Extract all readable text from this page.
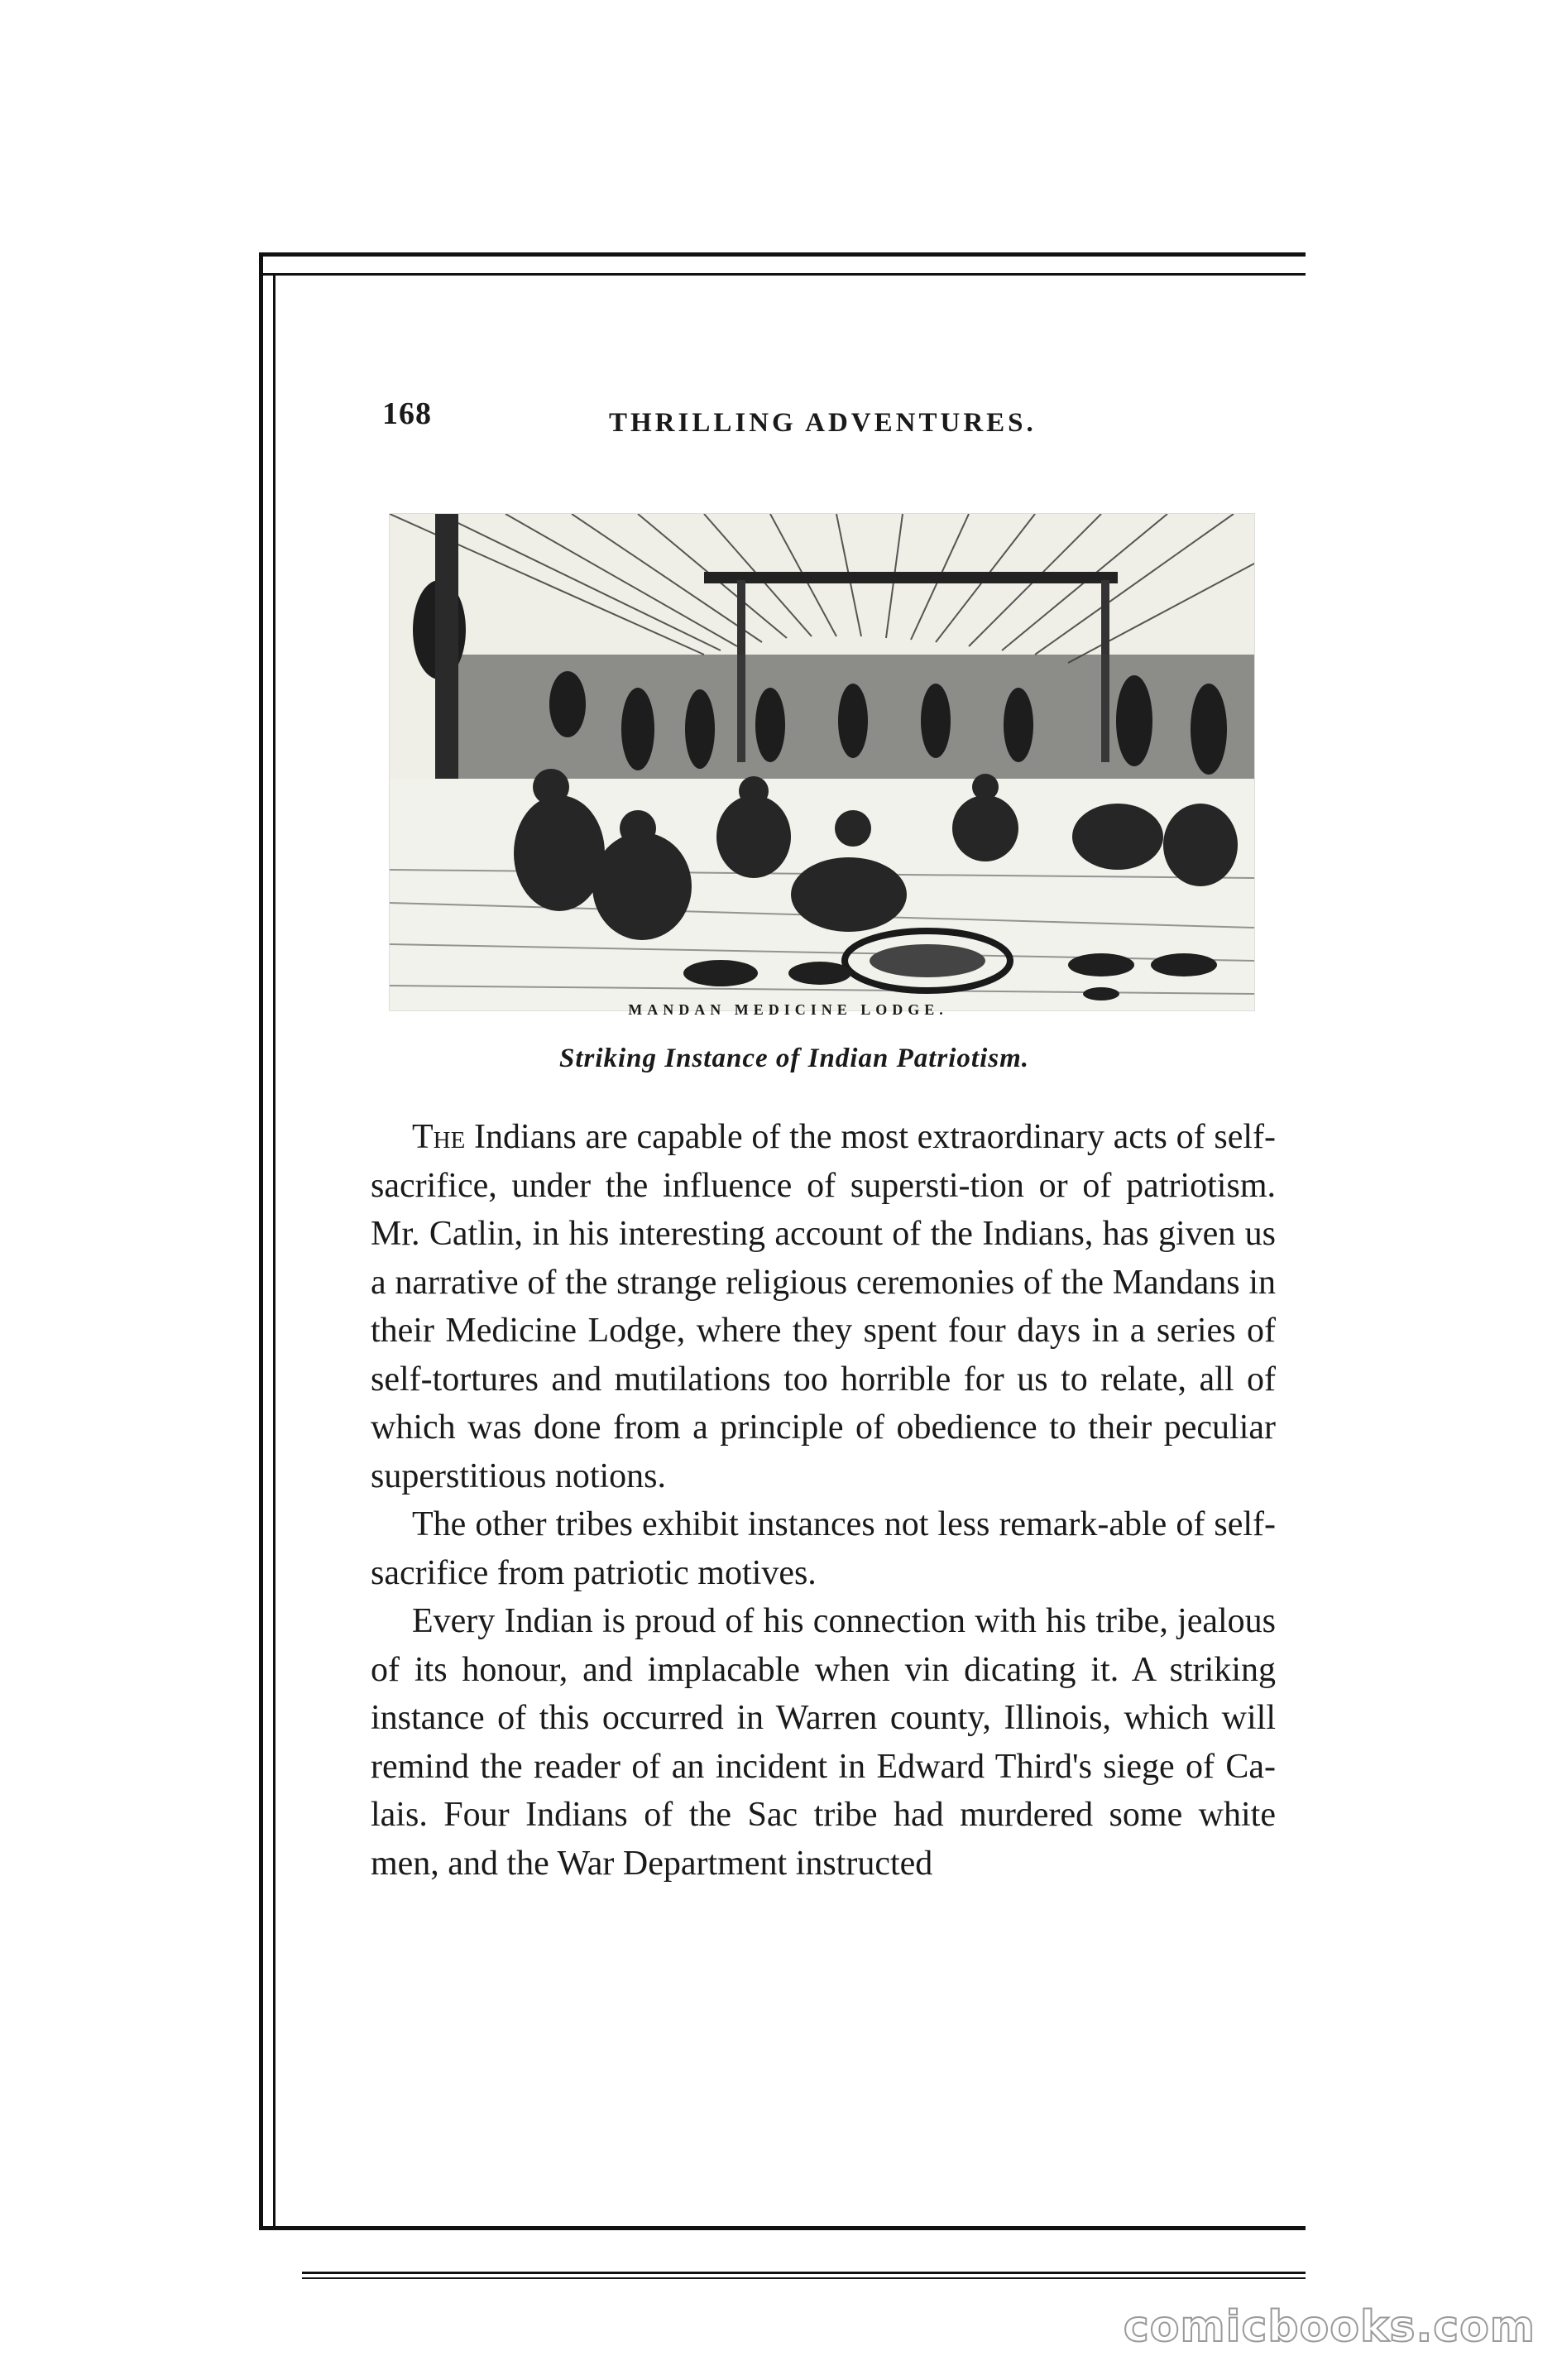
168	THRILLING ADVENTURES.
MANDAN MEDICINE LODGE.
Striking Instance of Indian Patriotism.

The Indians are capable of the most extraordinary acts of self-sacrifice, under the influence of supersti-tion or of patriotism. Mr. Catlin, in his interesting account of the Indians, has given us a narrative of the strange religious ceremonies of the Mandans in their Medicine Lodge, where they spent four days in a series of self-tortures and mutilations too horrible for us to relate, all of which was done from a principle of obedience to their peculiar superstitious notions.

The other tribes exhibit instances not less remark-able of self-sacrifice from patriotic motives.

Every Indian is proud of his connection with his tribe, jealous of its honour, and implacable when vin dicating it. A striking instance of this occurred in Warren county, Illinois, which will remind the reader of an incident in Edward Third's siege of Ca-lais. Four Indians of the Sac tribe had murdered some white men, and the War Department instructed

comicbooks.com
